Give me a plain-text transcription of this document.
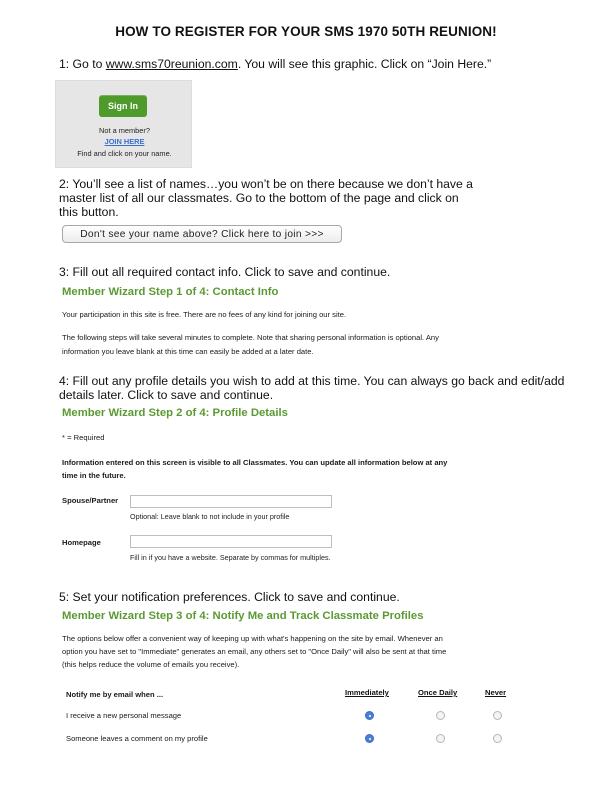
HOW TO REGISTER FOR YOUR SMS 1970 50TH REUNION!
1: Go to www.sms70reunion.com. You will see this graphic. Click on “Join Here.”
Sign In
Not a member?
JOIN HERE
Find and click on your name.
2: You’ll see a list of names…you won’t be on there because we don’t have a
master list of all our classmates. Go to the bottom of the page and click on
this button.
Don't see your name above? Click here to join >>>
3: Fill out all required contact info. Click to save and continue.
Member Wizard Step 1 of 4: Contact Info
Your participation in this site is free. There are no fees of any kind for joining our site.
The following steps will take several minutes to complete. Note that sharing personal information is optional. Any
information you leave blank at this time can easily be added at a later date.
4: Fill out any profile details you wish to add at this time. You can always go back and edit/add
details later. Click to save and continue.
Member Wizard Step 2 of 4: Profile Details
* = Required
Information entered on this screen is visible to all Classmates. You can update all information below at any
time in the future.
Spouse/Partner
Optional: Leave blank to not include in your profile
Homepage
Fill in if you have a website. Separate by commas for multiples.
5: Set your notification preferences. Click to save and continue.
Member Wizard Step 3 of 4: Notify Me and Track Classmate Profiles
The options below offer a convenient way of keeping up with what's happening on the site by email. Whenever an
option you have set to "Immediate" generates an email, any others set to "Once Daily" will also be sent at that time
(this helps reduce the volume of emails you receive).
Notify me by email when ...	Immediately	Once Daily	Never
I receive a new personal message
Someone leaves a comment on my profile
